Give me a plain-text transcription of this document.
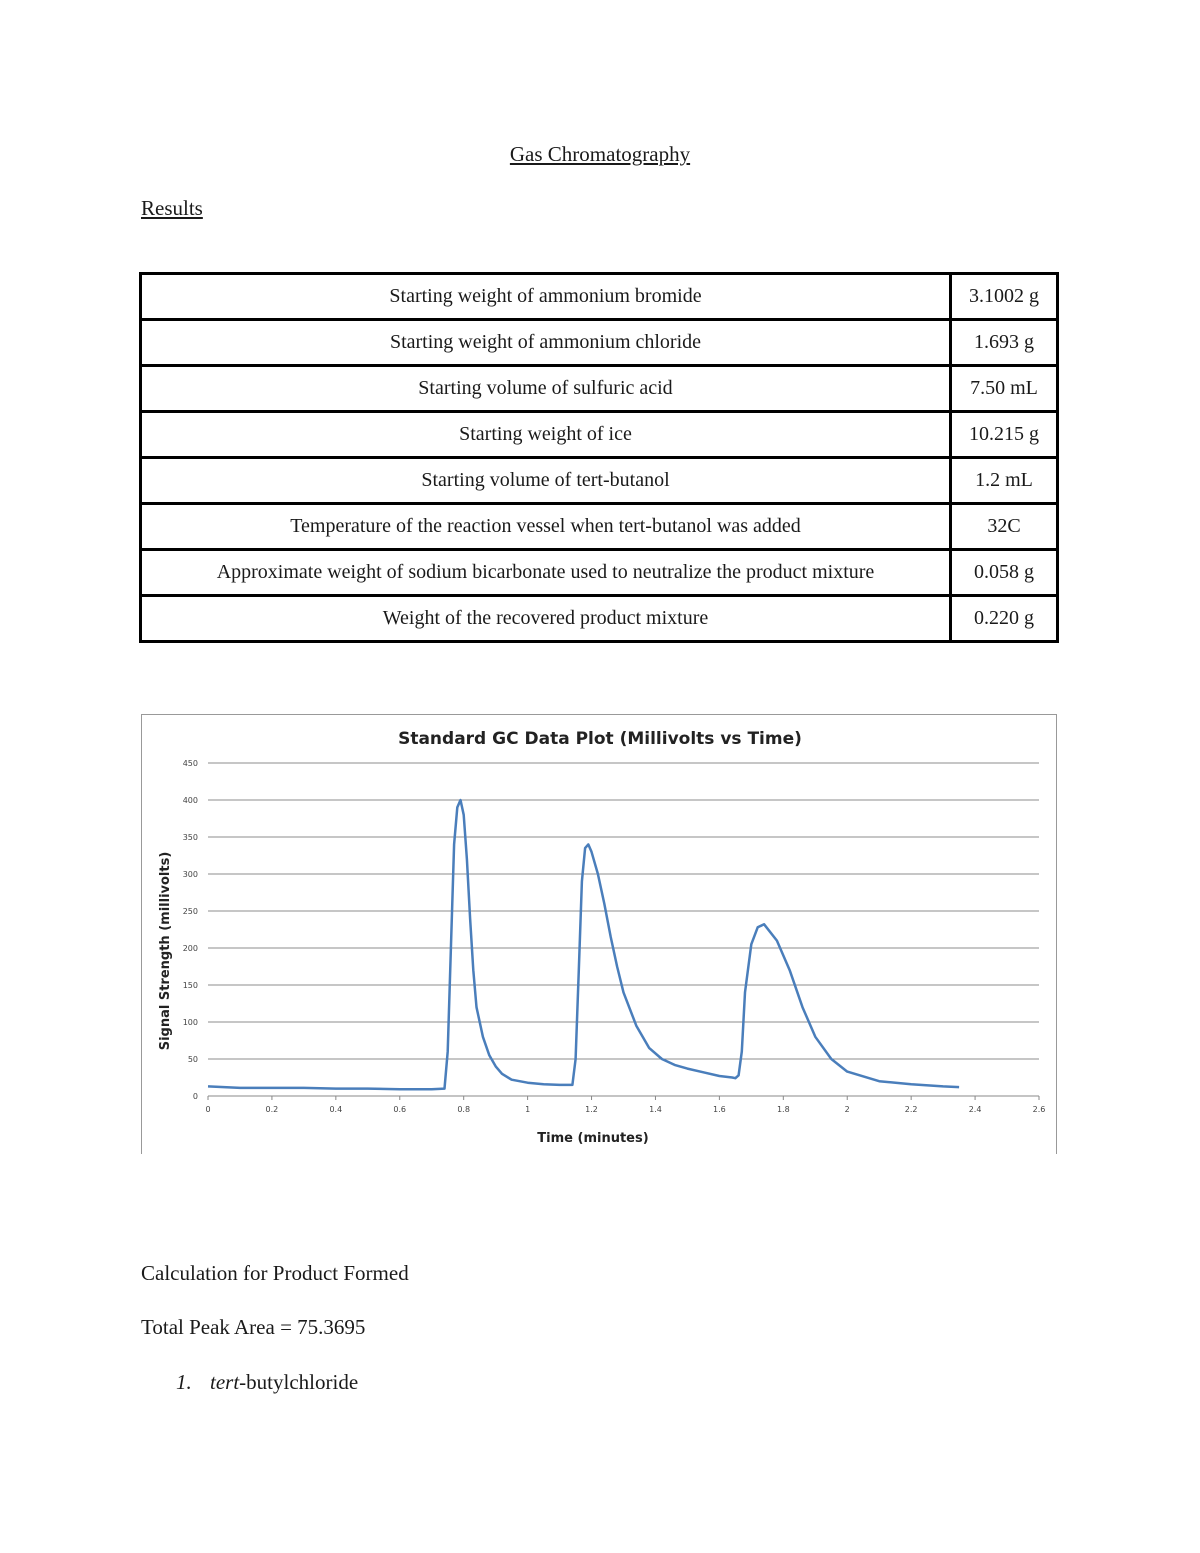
Gas Chromatography
Results
Starting weight of ammonium bromide	3.1002 g
Starting weight of ammonium chloride	1.693 g
Starting volume of sulfuric acid	7.50 mL
Starting weight of ice	10.215 g
Starting volume of tert-butanol	1.2 mL
Temperature of the reaction vessel when tert-butanol was added	32C
Approximate weight of sodium bicarbonate used to neutralize the product mixture	0.058 g
Weight of the recovered product mixture	0.220 g
Standard GC Data Plot (Millivolts vs Time)
0
50
100
150
200
250
300
350
400
450
0	0.2	0.4	0.6	0.8	1	1.2	1.4	1.6	1.8	2	2.2	2.4	2.6
Time (minutes)
Signal Strength (millivolts)
Calculation for Product Formed
Total Peak Area = 75.3695
1. tert-butylchloride
